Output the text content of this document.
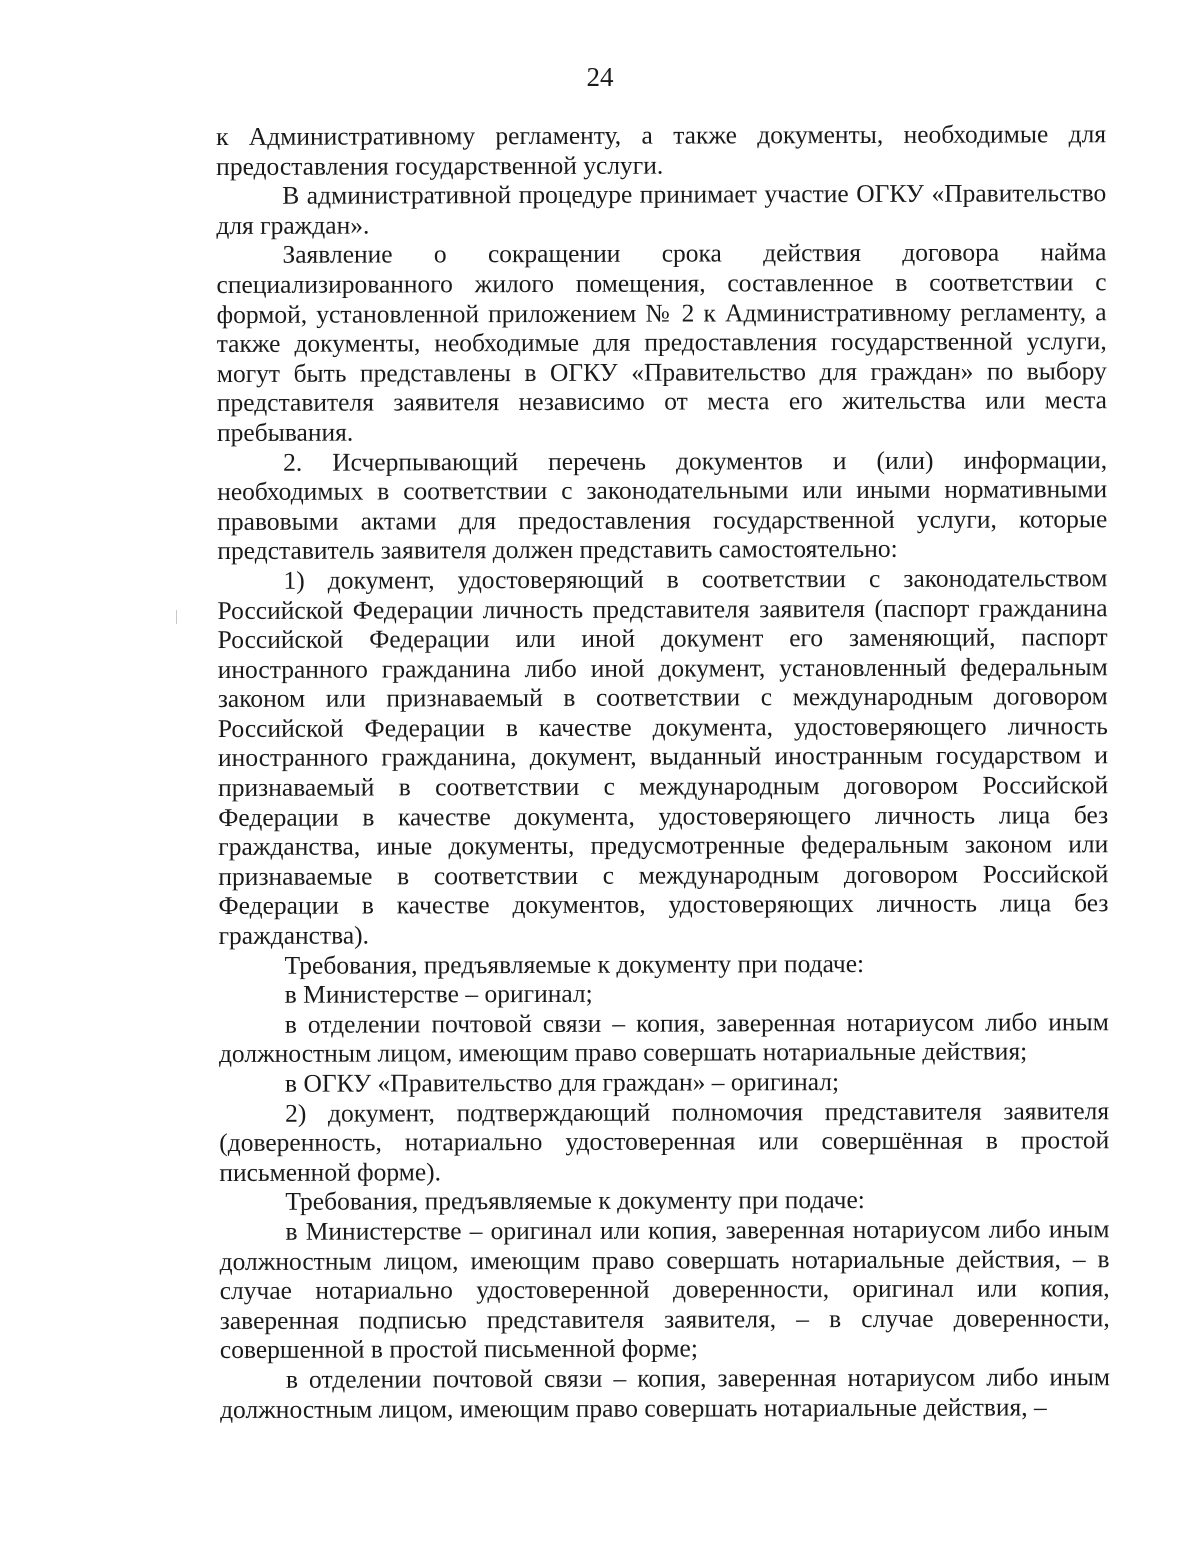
24

к Административному регламенту, а также документы, необходимые для предоставления государственной услуги.

В административной процедуре принимает участие ОГКУ «Правительство для граждан».

Заявление о сокращении срока действия договора найма специализированного жилого помещения, составленное в соответствии с формой, установленной приложением № 2 к Административному регламенту, а также документы, необходимые для предоставления государственной услуги, могут быть представлены в ОГКУ «Правительство для граждан» по выбору представителя заявителя независимо от места его жительства или места пребывания.

2. Исчерпывающий перечень документов и (или) информации, необходимых в соответствии с законодательными или иными нормативными правовыми актами для предоставления государственной услуги, которые представитель заявителя должен представить самостоятельно:

1) документ, удостоверяющий в соответствии с законодательством Российской Федерации личность представителя заявителя (паспорт гражданина Российской Федерации или иной документ его заменяющий, паспорт иностранного гражданина либо иной документ, установленный федеральным законом или признаваемый в соответствии с международным договором Российской Федерации в качестве документа, удостоверяющего личность иностранного гражданина, документ, выданный иностранным государством и признаваемый в соответствии с международным договором Российской Федерации в качестве документа, удостоверяющего личность лица без гражданства, иные документы, предусмотренные федеральным законом или признаваемые в соответствии с международным договором Российской Федерации в качестве документов, удостоверяющих личность лица без гражданства).

Требования, предъявляемые к документу при подаче:

в Министерстве – оригинал;

в отделении почтовой связи – копия, заверенная нотариусом либо иным должностным лицом, имеющим право совершать нотариальные действия;

в ОГКУ «Правительство для граждан» – оригинал;

2) документ, подтверждающий полномочия представителя заявителя (доверенность, нотариально удостоверенная или совершённая в простой письменной форме).

Требования, предъявляемые к документу при подаче:

в Министерстве – оригинал или копия, заверенная нотариусом либо иным должностным лицом, имеющим право совершать нотариальные действия, – в случае нотариально удостоверенной доверенности, оригинал или копия, заверенная подписью представителя заявителя, – в случае доверенности, совершенной в простой письменной форме;

в отделении почтовой связи – копия, заверенная нотариусом либо иным должностным лицом, имеющим право совершать нотариальные действия, –
